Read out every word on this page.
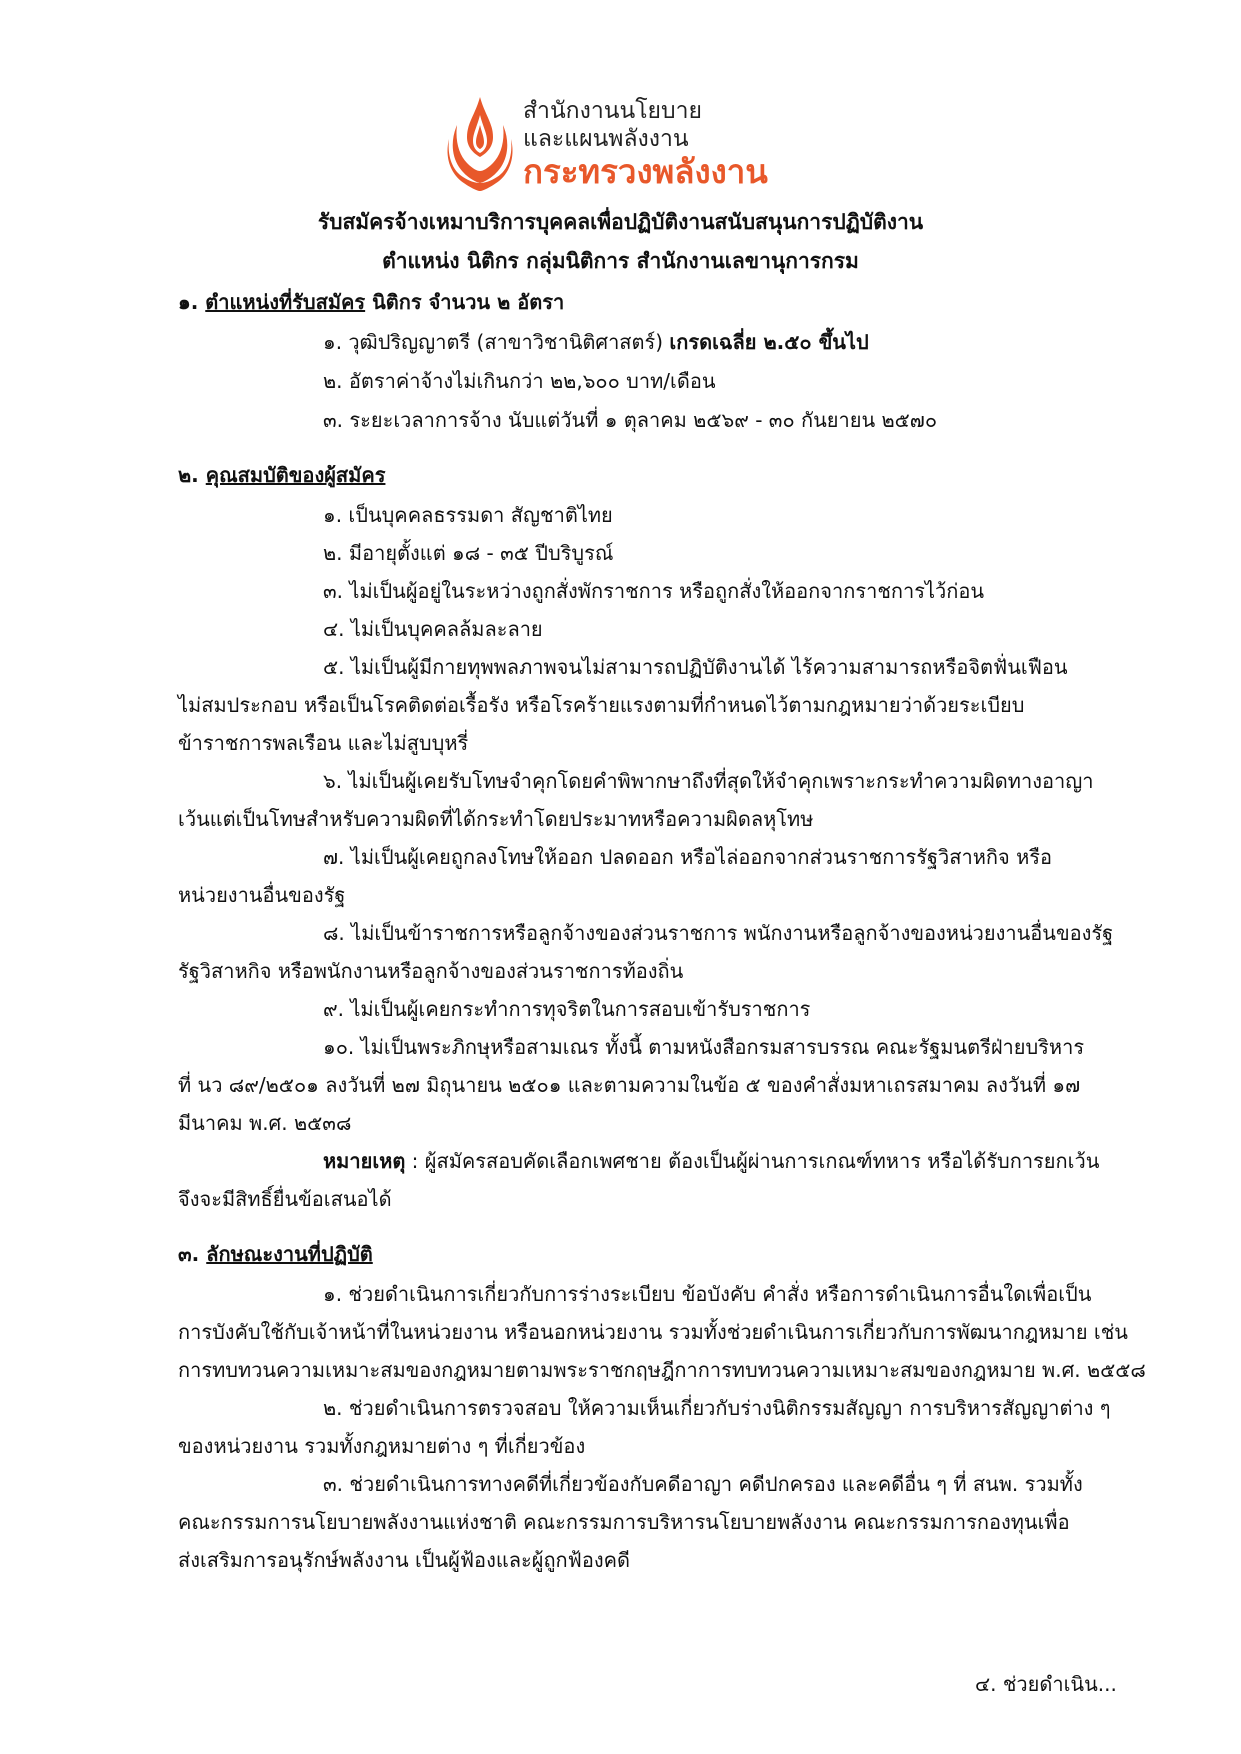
สำนักงานนโยบาย
และแผนพลังงาน
กระทรวงพลังงาน
รับสมัครจ้างเหมาบริการบุคคลเพื่อปฏิบัติงานสนับสนุนการปฏิบัติงาน
ตำแหน่ง นิติกร กลุ่มนิติการ สำนักงานเลขานุการกรม
๑. ตำแหน่งที่รับสมัคร นิติกร จำนวน ๒ อัตรา
๑. วุฒิปริญญาตรี (สาขาวิชานิติศาสตร์) เกรดเฉลี่ย ๒.๕๐ ขึ้นไป
๒. อัตราค่าจ้างไม่เกินกว่า ๒๒,๖๐๐ บาท/เดือน
๓. ระยะเวลาการจ้าง นับแต่วันที่ ๑ ตุลาคม ๒๕๖๙ - ๓๐ กันยายน ๒๕๗๐
๒. คุณสมบัติของผู้สมัคร
๑. เป็นบุคคลธรรมดา สัญชาติไทย
๒. มีอายุตั้งแต่ ๑๘ - ๓๕ ปีบริบูรณ์
๓. ไม่เป็นผู้อยู่ในระหว่างถูกสั่งพักราชการ หรือถูกสั่งให้ออกจากราชการไว้ก่อน
๔. ไม่เป็นบุคคลล้มละลาย
๕. ไม่เป็นผู้มีกายทุพพลภาพจนไม่สามารถปฏิบัติงานได้ ไร้ความสามารถหรือจิตฟั่นเฟือน
ไม่สมประกอบ หรือเป็นโรคติดต่อเรื้อรัง หรือโรคร้ายแรงตามที่กำหนดไว้ตามกฎหมายว่าด้วยระเบียบ
ข้าราชการพลเรือน และไม่สูบบุหรี่
๖. ไม่เป็นผู้เคยรับโทษจำคุกโดยคำพิพากษาถึงที่สุดให้จำคุกเพราะกระทำความผิดทางอาญา
เว้นแต่เป็นโทษสำหรับความผิดที่ได้กระทำโดยประมาทหรือความผิดลหุโทษ
๗. ไม่เป็นผู้เคยถูกลงโทษให้ออก ปลดออก หรือไล่ออกจากส่วนราชการรัฐวิสาหกิจ หรือ
หน่วยงานอื่นของรัฐ
๘. ไม่เป็นข้าราชการหรือลูกจ้างของส่วนราชการ พนักงานหรือลูกจ้างของหน่วยงานอื่นของรัฐ
รัฐวิสาหกิจ หรือพนักงานหรือลูกจ้างของส่วนราชการท้องถิ่น
๙. ไม่เป็นผู้เคยกระทำการทุจริตในการสอบเข้ารับราชการ
๑๐. ไม่เป็นพระภิกษุหรือสามเณร ทั้งนี้ ตามหนังสือกรมสารบรรณ คณะรัฐมนตรีฝ่ายบริหาร
ที่ นว ๘๙/๒๕๐๑ ลงวันที่ ๒๗ มิถุนายน ๒๕๐๑ และตามความในข้อ ๕ ของคำสั่งมหาเถรสมาคม ลงวันที่ ๑๗
มีนาคม พ.ศ. ๒๕๓๘
หมายเหตุ : ผู้สมัครสอบคัดเลือกเพศชาย ต้องเป็นผู้ผ่านการเกณฑ์ทหาร หรือได้รับการยกเว้น
จึงจะมีสิทธิ์ยื่นข้อเสนอได้
๓. ลักษณะงานที่ปฏิบัติ
๑. ช่วยดำเนินการเกี่ยวกับการร่างระเบียบ ข้อบังคับ คำสั่ง หรือการดำเนินการอื่นใดเพื่อเป็น
การบังคับใช้กับเจ้าหน้าที่ในหน่วยงาน หรือนอกหน่วยงาน รวมทั้งช่วยดำเนินการเกี่ยวกับการพัฒนากฎหมาย เช่น
การทบทวนความเหมาะสมของกฎหมายตามพระราชกฤษฎีกาการทบทวนความเหมาะสมของกฎหมาย พ.ศ. ๒๕๕๘
๒. ช่วยดำเนินการตรวจสอบ ให้ความเห็นเกี่ยวกับร่างนิติกรรมสัญญา การบริหารสัญญาต่าง ๆ
ของหน่วยงาน รวมทั้งกฎหมายต่าง ๆ ที่เกี่ยวข้อง
๓. ช่วยดำเนินการทางคดีที่เกี่ยวข้องกับคดีอาญา คดีปกครอง และคดีอื่น ๆ ที่ สนพ. รวมทั้ง
คณะกรรมการนโยบายพลังงานแห่งชาติ คณะกรรมการบริหารนโยบายพลังงาน คณะกรรมการกองทุนเพื่อ
ส่งเสริมการอนุรักษ์พลังงาน เป็นผู้ฟ้องและผู้ถูกฟ้องคดี
๔. ช่วยดำเนิน...
